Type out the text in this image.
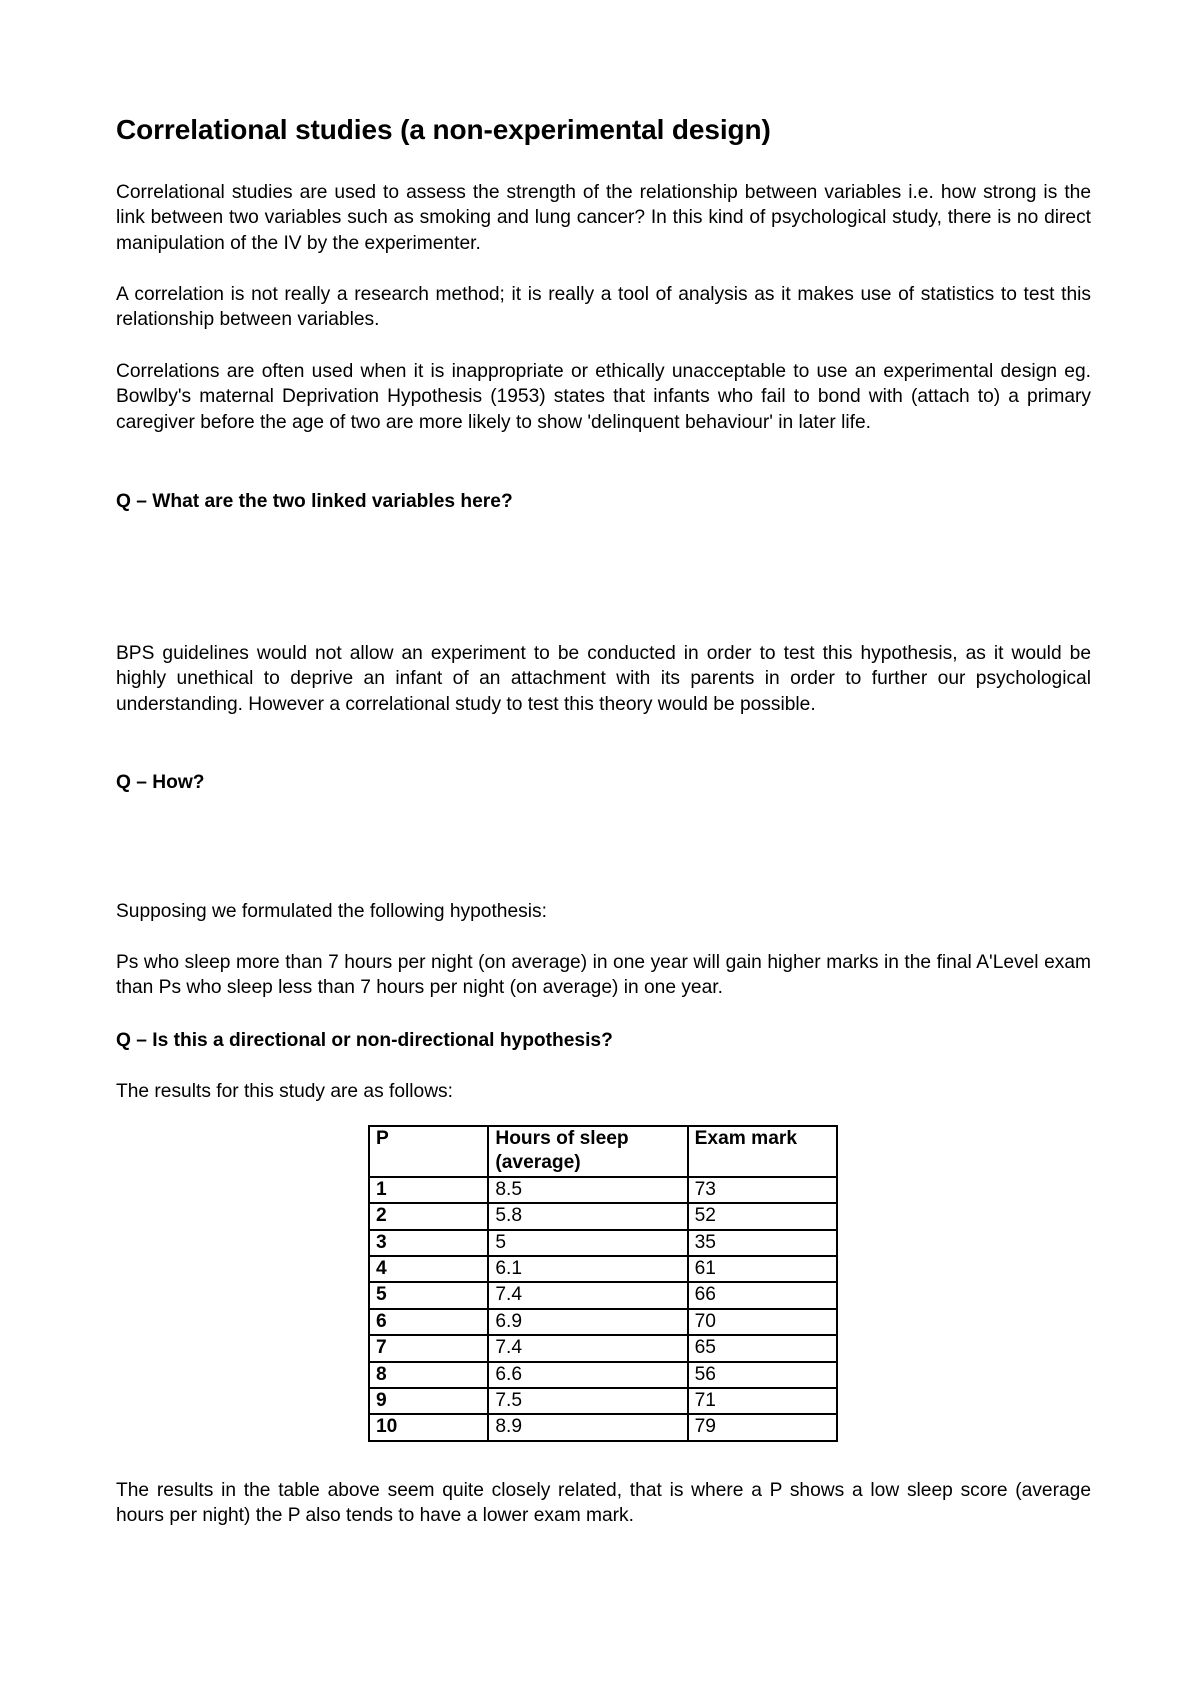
Correlational studies (a non-experimental design)

Correlational studies are used to assess the strength of the relationship between variables i.e. how strong is the link between two variables such as smoking and lung cancer? In this kind of psychological study, there is no direct manipulation of the IV by the experimenter.

A correlation is not really a research method; it is really a tool of analysis as it makes use of statistics to test this relationship between variables.

Correlations are often used when it is inappropriate or ethically unacceptable to use an experimental design eg. Bowlby's maternal Deprivation Hypothesis (1953) states that infants who fail to bond with (attach to) a primary caregiver before the age of two are more likely to show 'delinquent behaviour' in later life.

Q – What are the two linked variables here?

BPS guidelines would not allow an experiment to be conducted in order to test this hypothesis, as it would be highly unethical to deprive an infant of an attachment with its parents in order to further our psychological understanding. However a correlational study to test this theory would be possible.

Q – How?

Supposing we formulated the following hypothesis:

Ps who sleep more than 7 hours per night (on average) in one year will gain higher marks in the final A'Level exam than Ps who sleep less than 7 hours per night (on average) in one year.

Q – Is this a directional or non-directional hypothesis?

The results for this study are as follows:

P	Hours of sleep (average)	Exam mark
1	8.5	73
2	5.8	52
3	5	35
4	6.1	61
5	7.4	66
6	6.9	70
7	7.4	65
8	6.6	56
9	7.5	71
10	8.9	79

The results in the table above seem quite closely related, that is where a P shows a low sleep score (average hours per night) the P also tends to have a lower exam mark.
